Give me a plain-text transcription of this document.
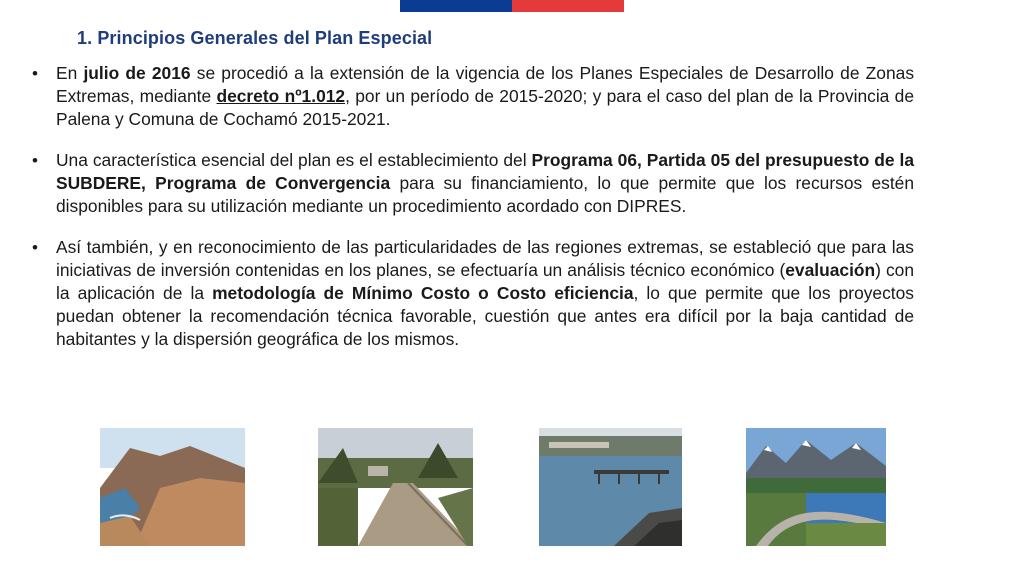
1. Principios Generales del Plan Especial
•	En julio de 2016 se procedió a la extensión de la vigencia de los Planes Especiales de Desarrollo de Zonas Extremas, mediante decreto nº1.012, por un período de 2015-2020; y para el caso del plan de la Provincia de Palena y Comuna de Cochamó 2015-2021.
•	Una característica esencial del plan es el establecimiento del Programa 06, Partida 05 del presupuesto de la SUBDERE, Programa de Convergencia para su financiamiento, lo que permite que los recursos estén disponibles para su utilización mediante un procedimiento acordado con DIPRES.
•	Así también, y en reconocimiento de las particularidades de las regiones extremas, se estableció que para las iniciativas de inversión contenidas en los planes, se efectuaría un análisis técnico económico (evaluación) con la aplicación de la metodología de Mínimo Costo o Costo eficiencia, lo que permite que los proyectos puedan obtener la recomendación técnica favorable, cuestión que antes era difícil por la baja cantidad de habitantes y la dispersión geográfica de los mismos.
